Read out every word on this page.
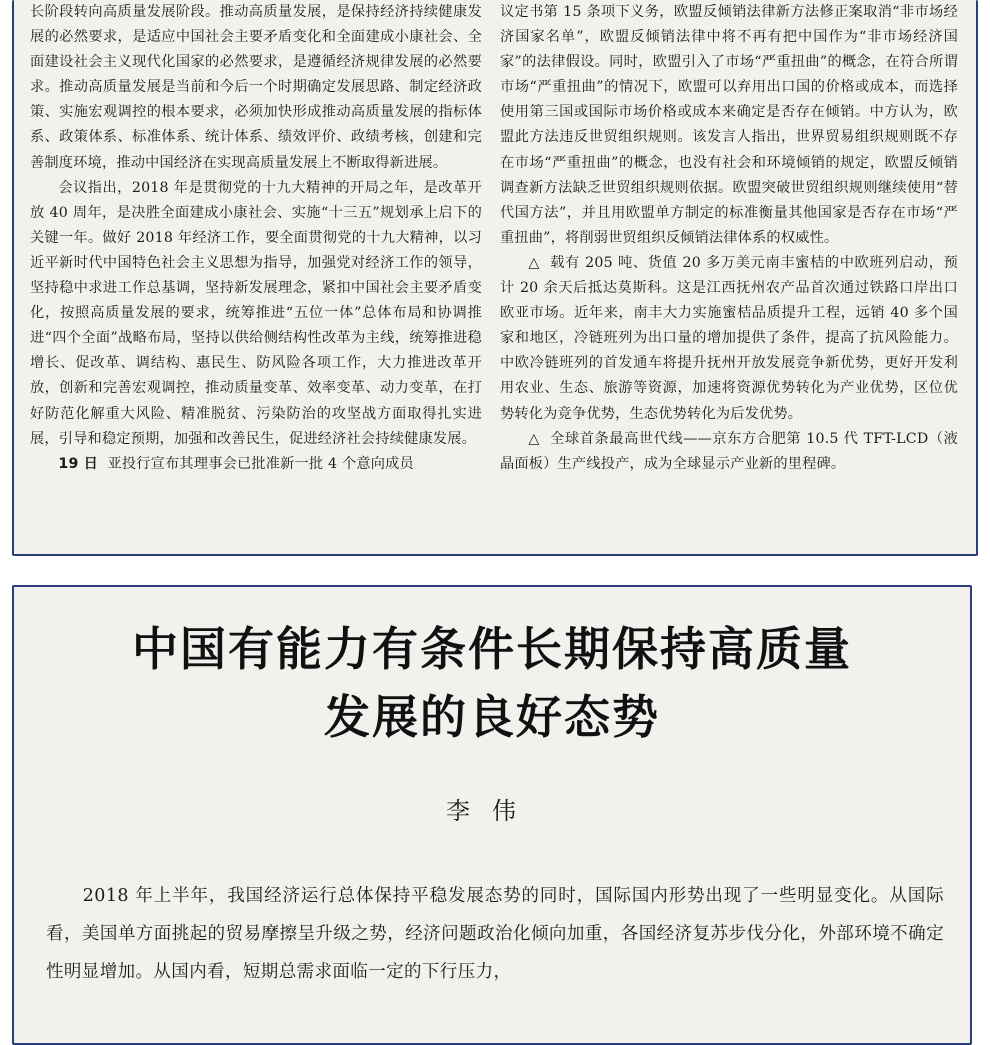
长阶段转向高质量发展阶段。推动高质量发展，是保持经济持续健康发展的必然要求，是适应中国社会主要矛盾变化和全面建成小康社会、全面建设社会主义现代化国家的必然要求，是遵循经济规律发展的必然要求。推动高质量发展是当前和今后一个时期确定发展思路、制定经济政策、实施宏观调控的根本要求，必须加快形成推动高质量发展的指标体系、政策体系、标准体系、统计体系、绩效评价、政绩考核，创建和完善制度环境，推动中国经济在实现高质量发展上不断取得新进展。

会议指出，2018 年是贯彻党的十九大精神的开局之年，是改革开放 40 周年，是决胜全面建成小康社会、实施“十三五”规划承上启下的关键一年。做好 2018 年经济工作，要全面贯彻党的十九大精神，以习近平新时代中国特色社会主义思想为指导，加强党对经济工作的领导，坚持稳中求进工作总基调，坚持新发展理念，紧扣中国社会主要矛盾变化，按照高质量发展的要求，统筹推进“五位一体”总体布局和协调推进“四个全面”战略布局，坚持以供给侧结构性改革为主线，统筹推进稳增长、促改革、调结构、惠民生、防风险各项工作，大力推进改革开放，创新和完善宏观调控，推动质量变革、效率变革、动力变革，在打好防范化解重大风险、精准脱贫、污染防治的攻坚战方面取得扎实进展，引导和稳定预期，加强和改善民生，促进经济社会持续健康发展。

19 日 亚投行宣布其理事会已批准新一批 4 个意向成员

议定书第 15 条项下义务，欧盟反倾销法律新方法修正案取消“非市场经济国家名单”，欧盟反倾销法律中将不再有把中国作为“非市场经济国家”的法律假设。同时，欧盟引入了市场“严重扭曲”的概念，在符合所谓市场“严重扭曲”的情况下，欧盟可以弃用出口国的价格或成本，而选择使用第三国或国际市场价格或成本来确定是否存在倾销。中方认为，欧盟此方法违反世贸组织规则。该发言人指出，世界贸易组织规则既不存在市场“严重扭曲”的概念，也没有社会和环境倾销的规定，欧盟反倾销调查新方法缺乏世贸组织规则依据。欧盟突破世贸组织规则继续使用“替代国方法”，并且用欧盟单方制定的标准衡量其他国家是否存在市场“严重扭曲”，将削弱世贸组织反倾销法律体系的权威性。

△ 载有 205 吨、货值 20 多万美元南丰蜜桔的中欧班列启动，预计 20 余天后抵达莫斯科。这是江西抚州农产品首次通过铁路口岸出口欧亚市场。近年来，南丰大力实施蜜桔品质提升工程，远销 40 多个国家和地区，冷链班列为出口量的增加提供了条件，提高了抗风险能力。中欧冷链班列的首发通车将提升抚州开放发展竞争新优势，更好开发利用农业、生态、旅游等资源，加速将资源优势转化为产业优势，区位优势转化为竞争优势，生态优势转化为后发优势。

△ 全球首条最高世代线——京东方合肥第 10.5 代 TFT-LCD（液晶面板）生产线投产，成为全球显示产业新的里程碑。

中国有能力有条件长期保持高质量
发展的良好态势
李伟

2018 年上半年，我国经济运行总体保持平稳发展态势的同时，国际国内形势出现了一些明显变化。从国际看，美国单方面挑起的贸易摩擦呈升级之势，经济问题政治化倾向加重，各国经济复苏步伐分化，外部环境不确定性明显增加。从国内看，短期总需求面临一定的下行压力，
